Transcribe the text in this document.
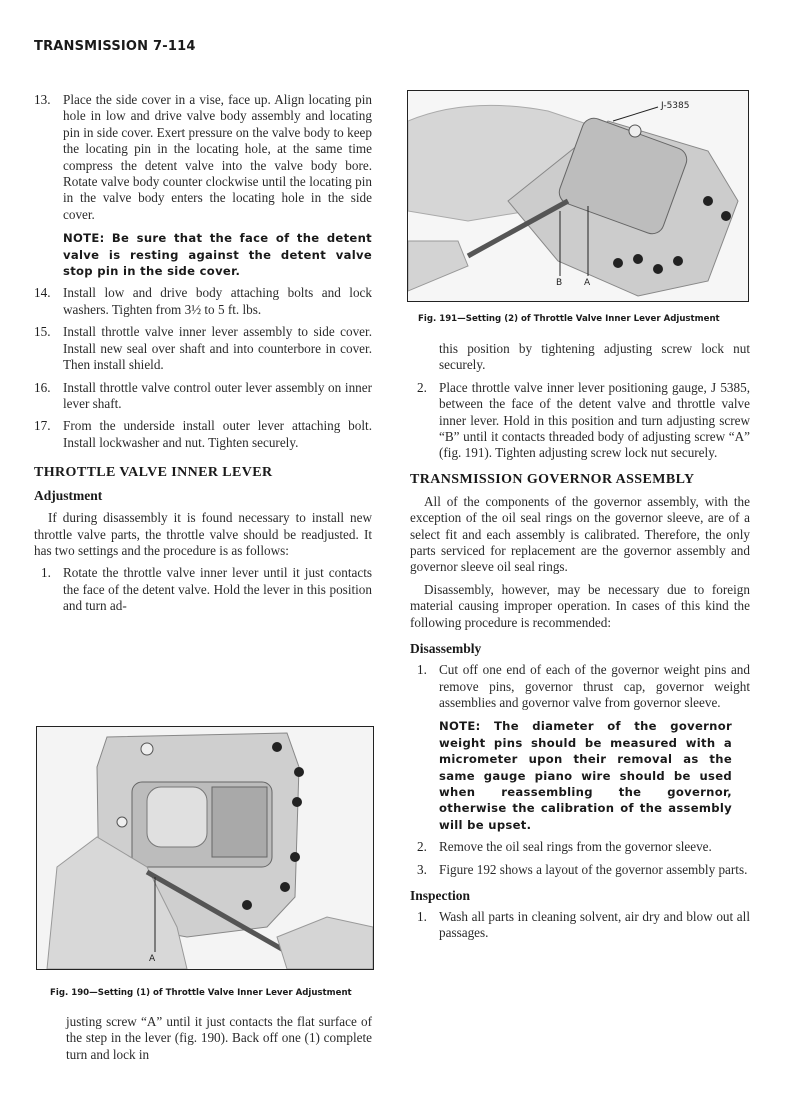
TRANSMISSION 7-114
13. Place the side cover in a vise, face up. Align locating pin hole in low and drive valve body assembly and locating pin in side cover. Exert pressure on the valve body to keep the locating pin in the locating hole, at the same time compress the detent valve into the valve body bore. Rotate valve body counter clockwise until the locating pin in the valve body enters the locating hole in the side cover.
NOTE: Be sure that the face of the detent valve is resting against the detent valve stop pin in the side cover.
14. Install low and drive body attaching bolts and lock washers. Tighten from 3½ to 5 ft. lbs.
15. Install throttle valve inner lever assembly to side cover. Install new seal over shaft and into counterbore in cover. Then install shield.
16. Install throttle valve control outer lever assembly on inner lever shaft.
17. From the underside install outer lever attaching bolt. Install lockwasher and nut. Tighten securely.
THROTTLE VALVE INNER LEVER
Adjustment
If during disassembly it is found necessary to install new throttle valve parts, the throttle valve should be readjusted. It has two settings and the procedure is as follows:
1. Rotate the throttle valve inner lever until it just contacts the face of the detent valve. Hold the lever in this position and turn ad-
A
Fig. 190—Setting (1) of Throttle Valve Inner Lever Adjustment
justing screw “A” until it just contacts the flat surface of the step in the lever (fig. 190). Back off one (1) complete turn and lock in
J-5385
B A
Fig. 191—Setting (2) of Throttle Valve Inner Lever Adjustment
this position by tightening adjusting screw lock nut securely.
2. Place throttle valve inner lever positioning gauge, J 5385, between the face of the detent valve and throttle valve inner lever. Hold in this position and turn adjusting screw “B” until it contacts threaded body of adjusting screw “A” (fig. 191). Tighten adjusting screw lock nut securely.
TRANSMISSION GOVERNOR ASSEMBLY
All of the components of the governor assembly, with the exception of the oil seal rings on the governor sleeve, are of a select fit and each assembly is calibrated. Therefore, the only parts serviced for replacement are the governor assembly and governor sleeve oil seal rings.
Disassembly, however, may be necessary due to foreign material causing improper operation. In cases of this kind the following procedure is recommended:
Disassembly
1. Cut off one end of each of the governor weight pins and remove pins, governor thrust cap, governor weight assemblies and governor valve from governor sleeve.
NOTE: The diameter of the governor weight pins should be measured with a micrometer upon their removal as the same gauge piano wire should be used when reassembling the governor, otherwise the calibration of the assembly will be upset.
2. Remove the oil seal rings from the governor sleeve.
3. Figure 192 shows a layout of the governor assembly parts.
Inspection
1. Wash all parts in cleaning solvent, air dry and blow out all passages.
